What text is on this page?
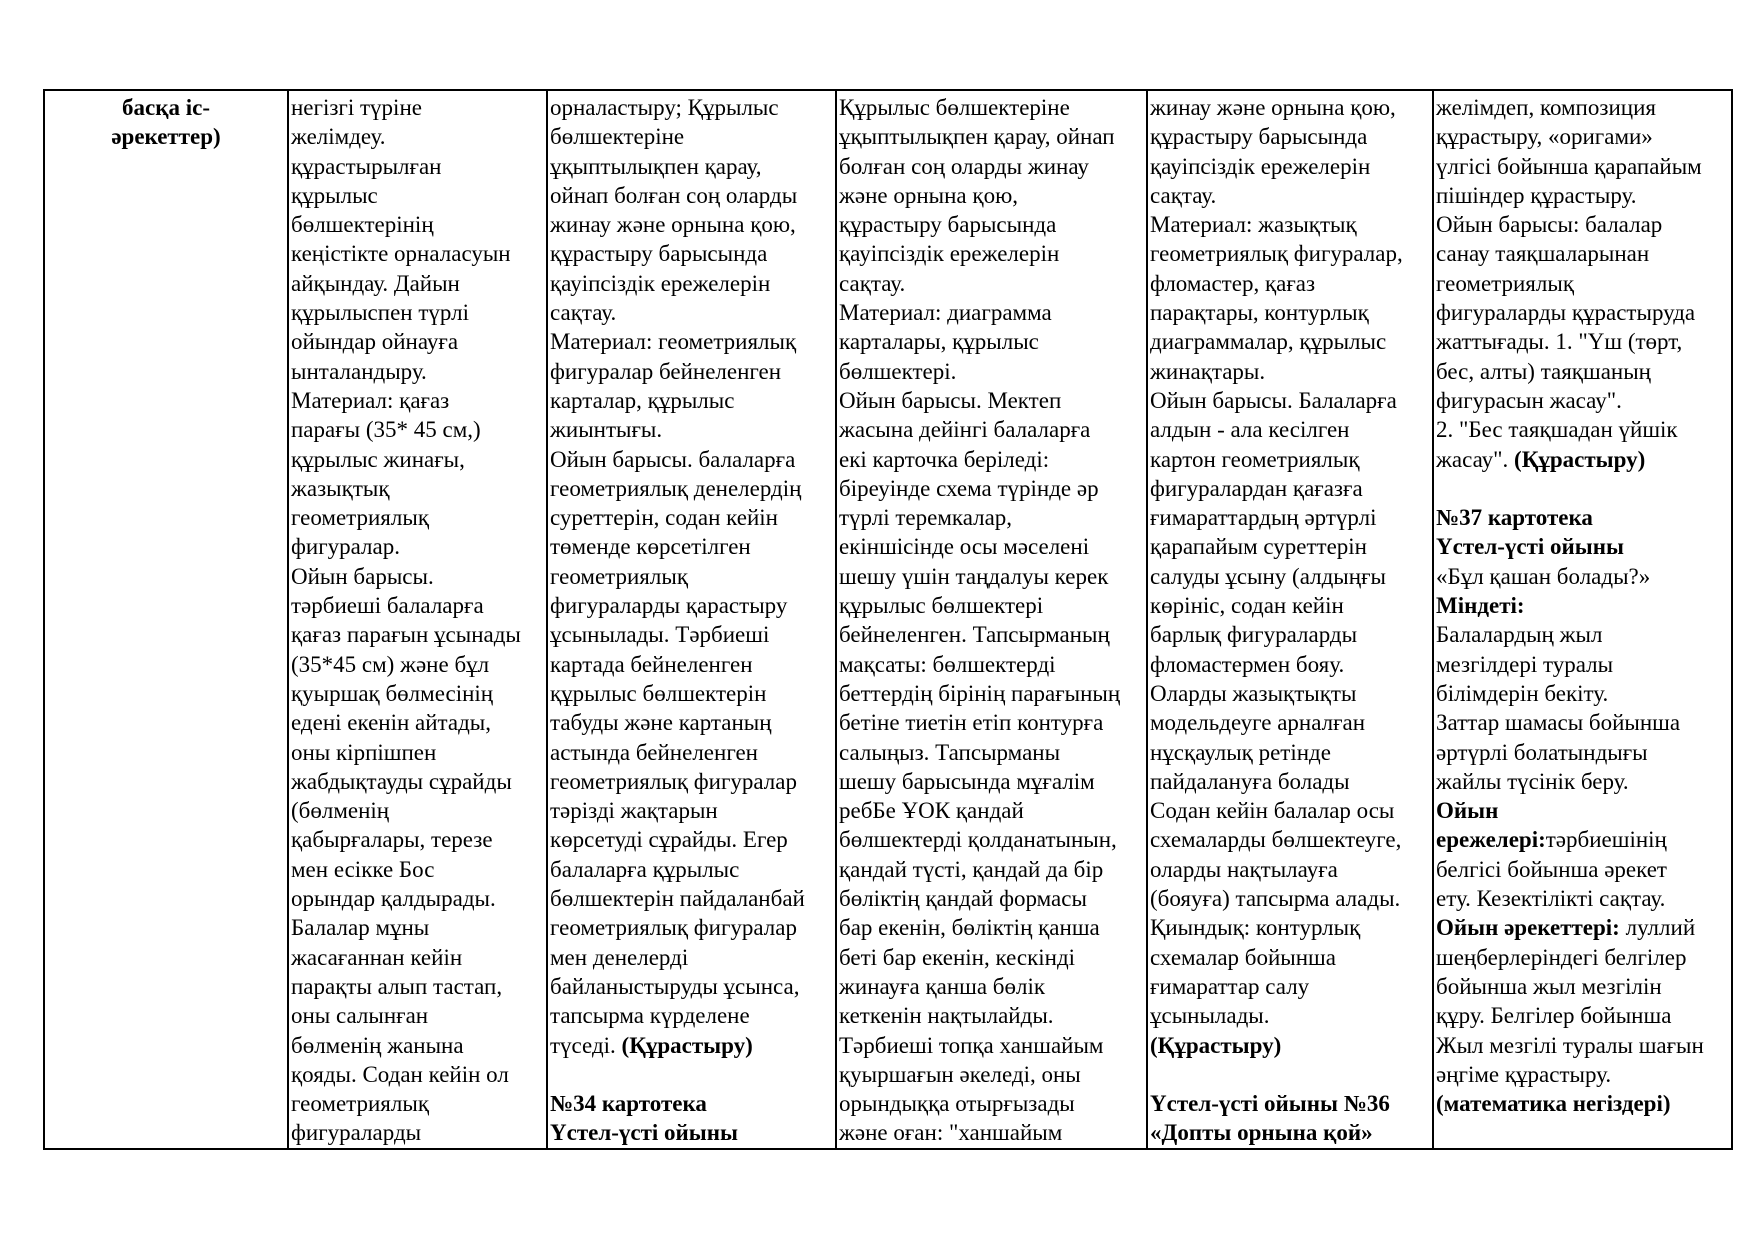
басқа іс-
әрекеттер)

негізгі түріне
желімдеу.
құрастырылған
құрылыс
бөлшектерінің
кеңістікте орналасуын
айқындау. Дайын
құрылыспен түрлі
ойындар ойнауға
ынталандыру.
Материал: қағаз
парағы (35* 45 см,)
құрылыс жинағы,
жазықтық
геометриялық
фигуралар.
Ойын барысы.
тәрбиеші балаларға
қағаз парағын ұсынады
(35*45 см) және бұл
қуыршақ бөлмесінің
едені екенін айтады,
оны кірпішпен
жабдықтауды сұрайды
(бөлменің
қабырғалары, терезе
мен есікке Бос
орындар қалдырады.
Балалар мұны
жасағаннан кейін
парақты алып тастап,
оны салынған
бөлменің жанына
қояды. Содан кейін ол
геометриялық
фигураларды

орналастыру; Құрылыс
бөлшектеріне
ұқыптылықпен қарау,
ойнап болған соң оларды
жинау және орнына қою,
құрастыру барысында
қауіпсіздік ережелерін
сақтау.
Материал: геометриялық
фигуралар бейнеленген
карталар, құрылыс
жиынтығы.
Ойын барысы. балаларға
геометриялық денелердің
суреттерін, содан кейін
төменде көрсетілген
геометриялық
фигураларды қарастыру
ұсынылады. Тәрбиеші
картада бейнеленген
құрылыс бөлшектерін
табуды және картаның
астында бейнеленген
геометриялық фигуралар
тәрізді жақтарын
көрсетуді сұрайды. Егер
балаларға құрылыс
бөлшектерін пайдаланбай
геометриялық фигуралар
мен денелерді
байланыстыруды ұсынса,
тапсырма күрделене
түседі. (Құрастыру)
№34 картотека
Үстел-үсті ойыны

Құрылыс бөлшектеріне
ұқыптылықпен қарау, ойнап
болған соң оларды жинау
және орнына қою,
құрастыру барысында
қауіпсіздік ережелерін
сақтау.
Материал: диаграмма
карталары, құрылыс
бөлшектері.
Ойын барысы. Мектеп
жасына дейінгі балаларға
екі карточка беріледі:
біреуінде схема түрінде әр
түрлі теремкалар,
екіншісінде осы мәселені
шешу үшін таңдалуы керек
құрылыс бөлшектері
бейнеленген. Тапсырманың
мақсаты: бөлшектерді
беттердің бірінің парағының
бетіне тиетін етіп контурға
салыңыз. Тапсырманы
шешу барысында мұғалім
ребБе ҰОК қандай
бөлшектерді қолданатынын,
қандай түсті, қандай да бір
бөліктің қандай формасы
бар екенін, бөліктің қанша
беті бар екенін, кескінді
жинауға қанша бөлік
кеткенін нақтылайды.
Тәрбиеші топқа ханшайым
қуыршағын әкеледі, оны
орындыққа отырғызады
және оған: "ханшайым

жинау және орнына қою,
құрастыру барысында
қауіпсіздік ережелерін
сақтау.
Материал: жазықтық
геометриялық фигуралар,
фломастер, қағаз
парақтары, контурлық
диаграммалар, құрылыс
жинақтары.
Ойын барысы. Балаларға
алдын - ала кесілген
картон геометриялық
фигуралардан қағазға
ғимараттардың әртүрлі
қарапайым суреттерін
салуды ұсыну (алдыңғы
көрініс, содан кейін
барлық фигураларды
фломастермен бояу.
Оларды жазықтықты
модельдеуге арналған
нұсқаулық ретінде
пайдалануға болады
Содан кейін балалар осы
схемаларды бөлшектеуге,
оларды нақтылауға
(бояуға) тапсырма алады.
Қиындық: контурлық
схемалар бойынша
ғимараттар салу
ұсынылады.
(Құрастыру)
Үстел-үсті ойыны №36
«Допты орнына қой»

желімдеп, композиция
құрастыру, «оригами»
үлгісі бойынша қарапайым
пішіндер құрастыру.
Ойын барысы: балалар
санау таяқшаларынан
геометриялық
фигураларды құрастыруда
жаттығады. 1. "Үш (төрт,
бес, алты) таяқшаның
фигурасын жасау".
2. "Бес таяқшадан үйшік
жасау". (Құрастыру)
№37 картотека
Үстел-үсті ойыны
«Бұл қашан болады?»
Міндеті:
Балалардың жыл
мезгілдері туралы
білімдерін бекіту.
Заттар шамасы бойынша
әртүрлі болатындығы
жайлы түсінік беру.
Ойын
ережелері:тәрбиешінің
белгісі бойынша әрекет
ету. Кезектілікті сақтау.
Ойын әрекеттері: луллий
шеңберлеріндегі белгілер
бойынша жыл мезгілін
құру. Белгілер бойынша
Жыл мезгілі туралы шағын
әңгіме құрастыру.
(математика негіздері)
